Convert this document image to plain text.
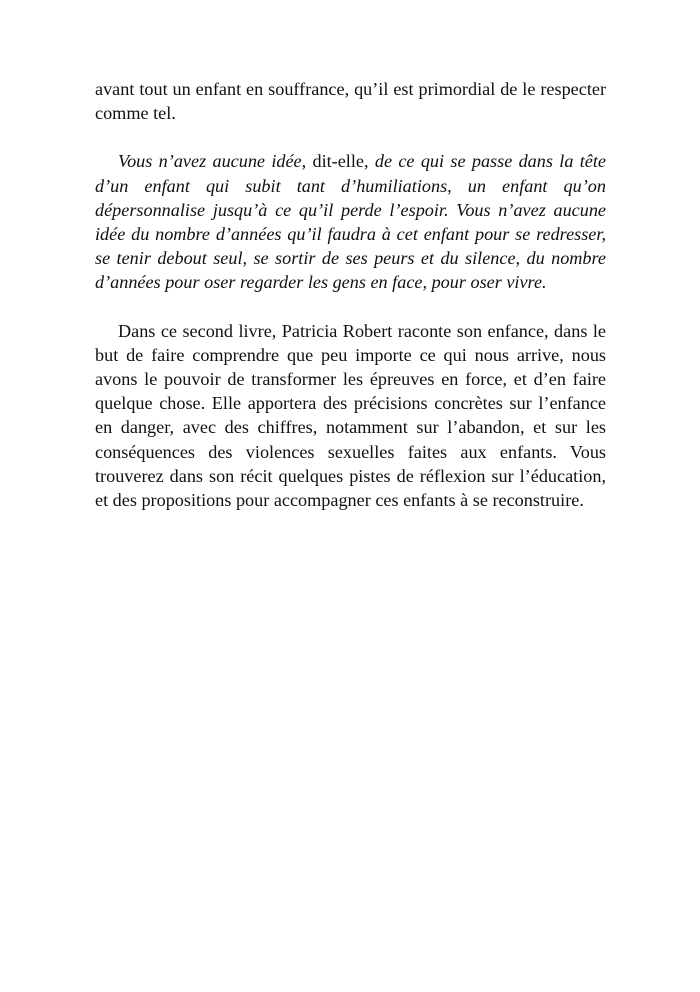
avant tout un enfant en souffrance, qu’il est primordial de le respecter comme tel.

Vous n’avez aucune idée, dit-elle, de ce qui se passe dans la tête d’un enfant qui subit tant d’humiliations, un enfant qu’on dépersonnalise jusqu’à ce qu’il perde l’espoir. Vous n’avez aucune idée du nombre d’années qu’il faudra à cet enfant pour se redresser, se tenir debout seul, se sortir de ses peurs et du silence, du nombre d’années pour oser regarder les gens en face, pour oser vivre.

Dans ce second livre, Patricia Robert raconte son enfance, dans le but de faire comprendre que peu importe ce qui nous arrive, nous avons le pouvoir de transformer les épreuves en force, et d’en faire quelque chose. Elle apportera des précisions concrètes sur l’enfance en danger, avec des chiffres, notamment sur l’abandon, et sur les conséquences des violences sexuelles faites aux enfants. Vous trouverez dans son récit quelques pistes de réflexion sur l’éducation, et des propositions pour accompagner ces enfants à se reconstruire.
